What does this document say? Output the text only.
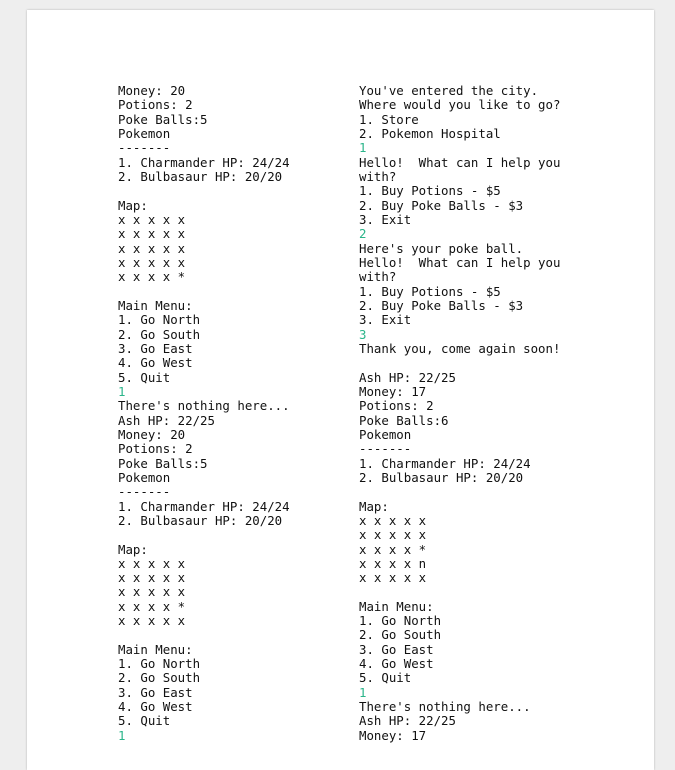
Money: 20
Potions: 2
Poke Balls:5
Pokemon
-------
1. Charmander HP: 24/24
2. Bulbasaur HP: 20/20
Map:
x x x x x
x x x x x
x x x x x
x x x x x
x x x x *
Main Menu:
1. Go North
2. Go South
3. Go East
4. Go West
5. Quit
1
There's nothing here...
Ash HP: 22/25
Money: 20
Potions: 2
Poke Balls:5
Pokemon
-------
1. Charmander HP: 24/24
2. Bulbasaur HP: 20/20
Map:
x x x x x
x x x x x
x x x x x
x x x x *
x x x x x
Main Menu:
1. Go North
2. Go South
3. Go East
4. Go West
5. Quit
1
You've entered the city.
Where would you like to go?
1. Store
2. Pokemon Hospital
1
Hello!  What can I help you
with?
1. Buy Potions - $5
2. Buy Poke Balls - $3
3. Exit
2
Here's your poke ball.
Hello!  What can I help you
with?
1. Buy Potions - $5
2. Buy Poke Balls - $3
3. Exit
3
Thank you, come again soon!
Ash HP: 22/25
Money: 17
Potions: 2
Poke Balls:6
Pokemon
-------
1. Charmander HP: 24/24
2. Bulbasaur HP: 20/20
Map:
x x x x x
x x x x x
x x x x *
x x x x n
x x x x x
Main Menu:
1. Go North
2. Go South
3. Go East
4. Go West
5. Quit
1
There's nothing here...
Ash HP: 22/25
Money: 17
